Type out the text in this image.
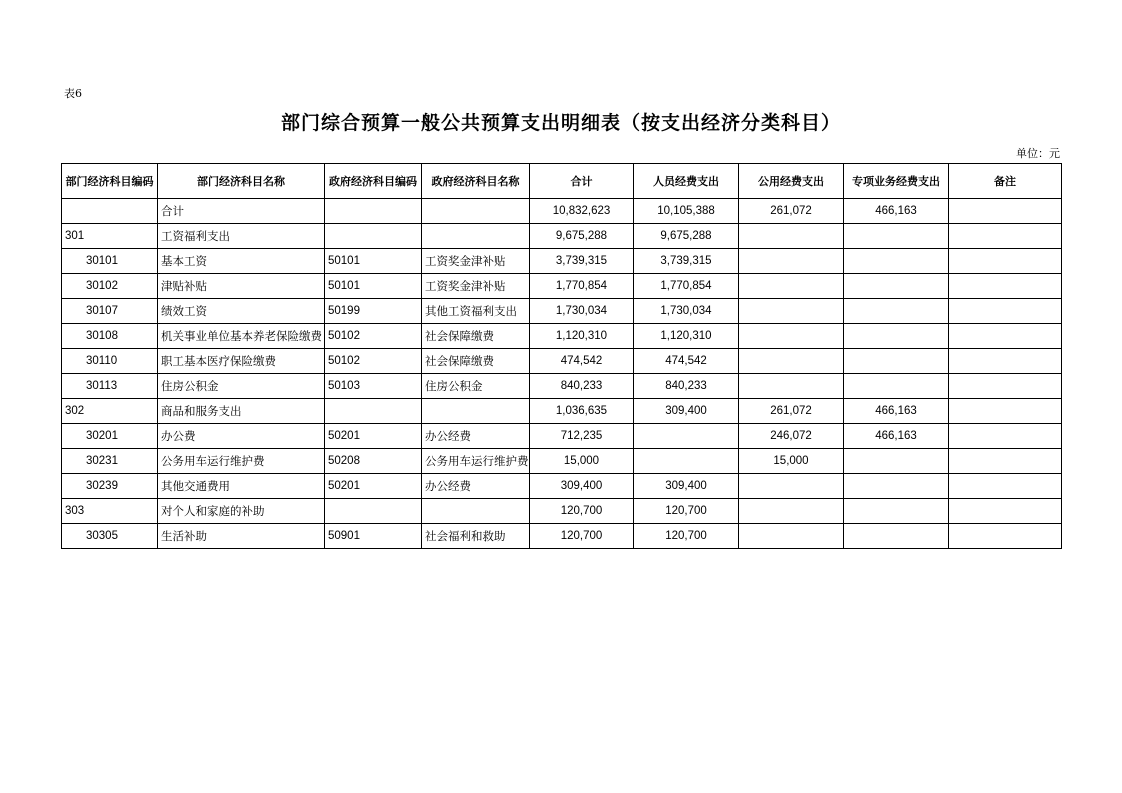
表6
部门综合预算一般公共预算支出明细表（按支出经济分类科目）
单位：元
部门经济科目编码	部门经济科目名称	政府经济科目编码	政府经济科目名称	合计	人员经费支出	公用经费支出	专项业务经费支出	备注
	合计			10,832,623	10,105,388	261,072	466,163	
301	工资福利支出			9,675,288	9,675,288			
30101	基本工资	50101	工资奖金津补贴	3,739,315	3,739,315			
30102	津贴补贴	50101	工资奖金津补贴	1,770,854	1,770,854			
30107	绩效工资	50199	其他工资福利支出	1,730,034	1,730,034			
30108	机关事业单位基本养老保险缴费	50102	社会保障缴费	1,120,310	1,120,310			
30110	职工基本医疗保险缴费	50102	社会保障缴费	474,542	474,542			
30113	住房公积金	50103	住房公积金	840,233	840,233			
302	商品和服务支出			1,036,635	309,400	261,072	466,163	
30201	办公费	50201	办公经费	712,235		246,072	466,163	
30231	公务用车运行维护费	50208	公务用车运行维护费	15,000		15,000		
30239	其他交通费用	50201	办公经费	309,400	309,400			
303	对个人和家庭的补助			120,700	120,700			
30305	生活补助	50901	社会福利和救助	120,700	120,700			
